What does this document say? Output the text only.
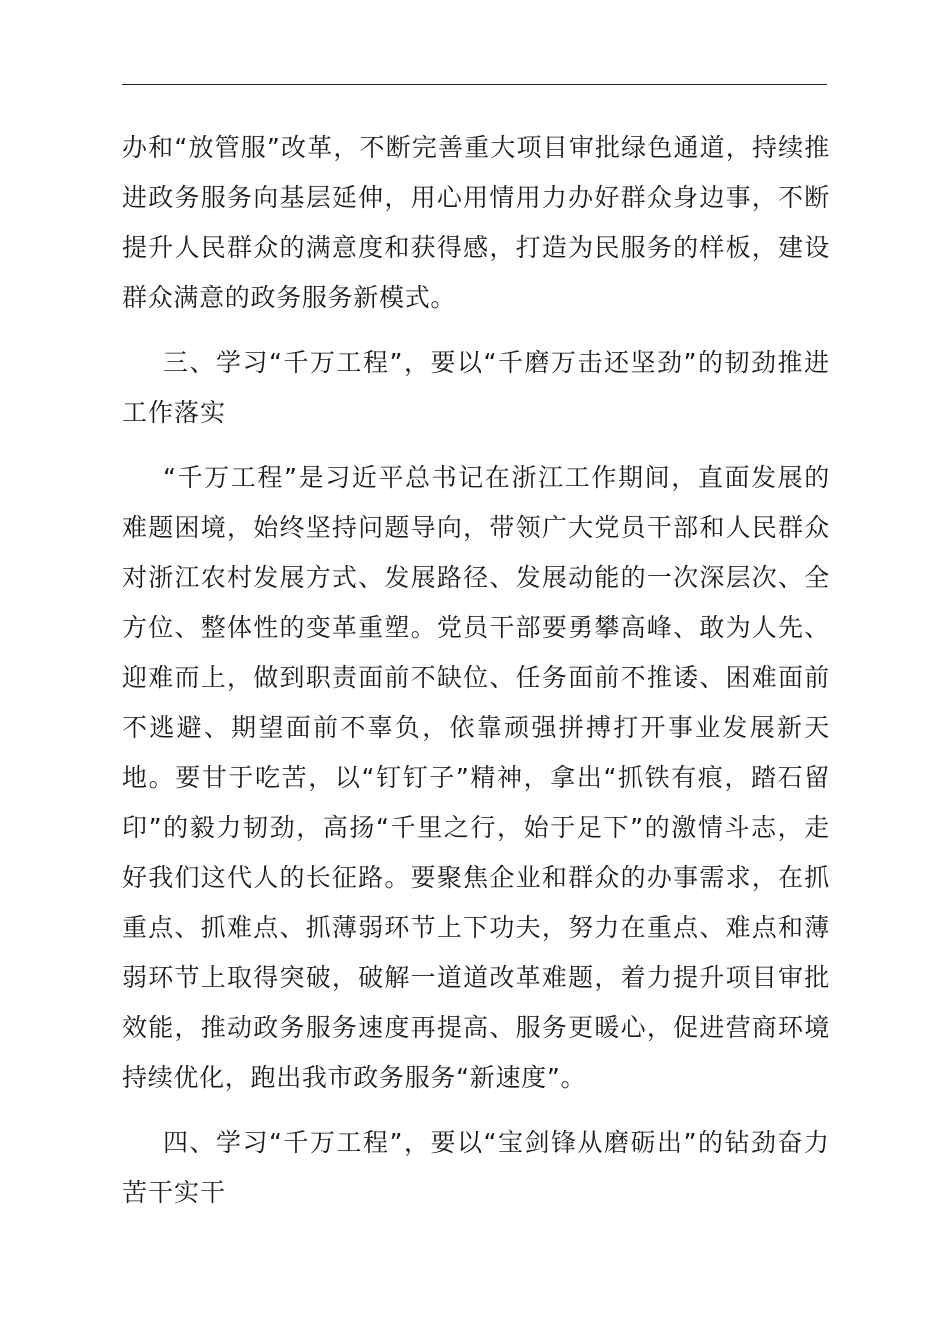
办和“放管服”改革，不断完善重大项目审批绿色通道，持续推进政务服务向基层延伸，用心用情用力办好群众身边事，不断提升人民群众的满意度和获得感，打造为民服务的样板，建设群众满意的政务服务新模式。

三、学习“千万工程”，要以“千磨万击还坚劲”的韧劲推进工作落实

“千万工程”是习近平总书记在浙江工作期间，直面发展的难题困境，始终坚持问题导向，带领广大党员干部和人民群众对浙江农村发展方式、发展路径、发展动能的一次深层次、全方位、整体性的变革重塑。党员干部要勇攀高峰、敢为人先、迎难而上，做到职责面前不缺位、任务面前不推诿、困难面前不逃避、期望面前不辜负，依靠顽强拼搏打开事业发展新天地。要甘于吃苦，以“钉钉子”精神，拿出“抓铁有痕，踏石留印”的毅力韧劲，高扬“千里之行，始于足下”的激情斗志，走好我们这代人的长征路。要聚焦企业和群众的办事需求，在抓重点、抓难点、抓薄弱环节上下功夫，努力在重点、难点和薄弱环节上取得突破，破解一道道改革难题，着力提升项目审批效能，推动政务服务速度再提高、服务更暖心，促进营商环境持续优化，跑出我市政务服务“新速度”。

四、学习“千万工程”，要以“宝剑锋从磨砺出”的钻劲奋力苦干实干
